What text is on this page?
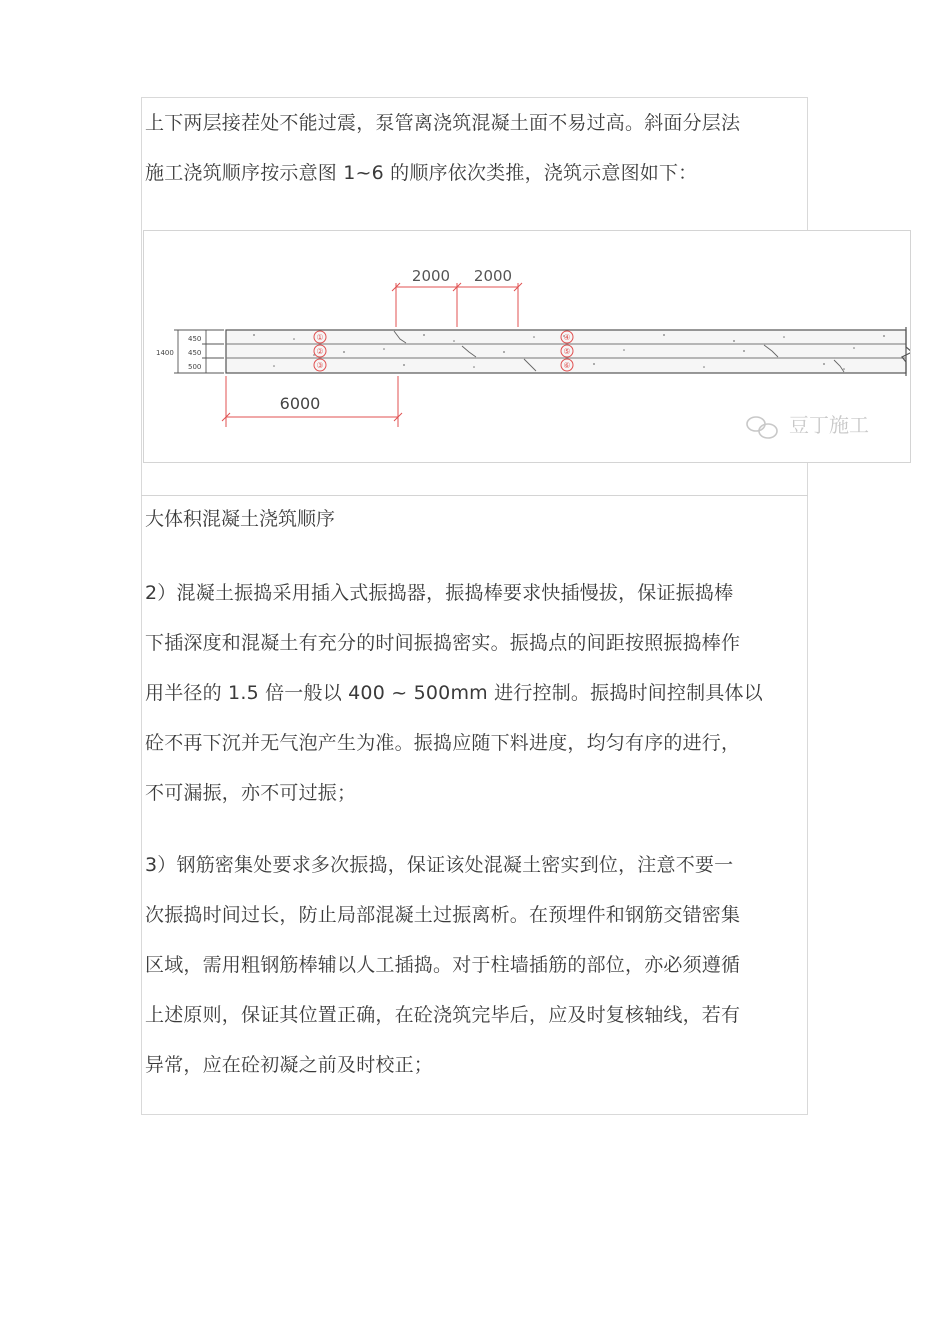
上下两层接茬处不能过震，泵管离浇筑混凝土面不易过高。斜面分层法
施工浇筑顺序按示意图 1~6 的顺序依次类推，浇筑示意图如下：

①
②
③
④
⑤
⑥
2000 2000
1400
450
450
500
6000
豆丁施工

大体积混凝土浇筑顺序

2）混凝土振捣采用插入式振捣器，振捣棒要求快插慢拔，保证振捣棒
下插深度和混凝土有充分的时间振捣密实。振捣点的间距按照振捣棒作
用半径的 1.5 倍一般以 400 ~ 500mm 进行控制。振捣时间控制具体以
砼不再下沉并无气泡产生为准。振捣应随下料进度，均匀有序的进行，
不可漏振，亦不可过振；

3）钢筋密集处要求多次振捣，保证该处混凝土密实到位，注意不要一
次振捣时间过长，防止局部混凝土过振离析。在预埋件和钢筋交错密集
区域，需用粗钢筋棒辅以人工插捣。对于柱墙插筋的部位，亦必须遵循
上述原则，保证其位置正确，在砼浇筑完毕后，应及时复核轴线，若有
异常，应在砼初凝之前及时校正；
